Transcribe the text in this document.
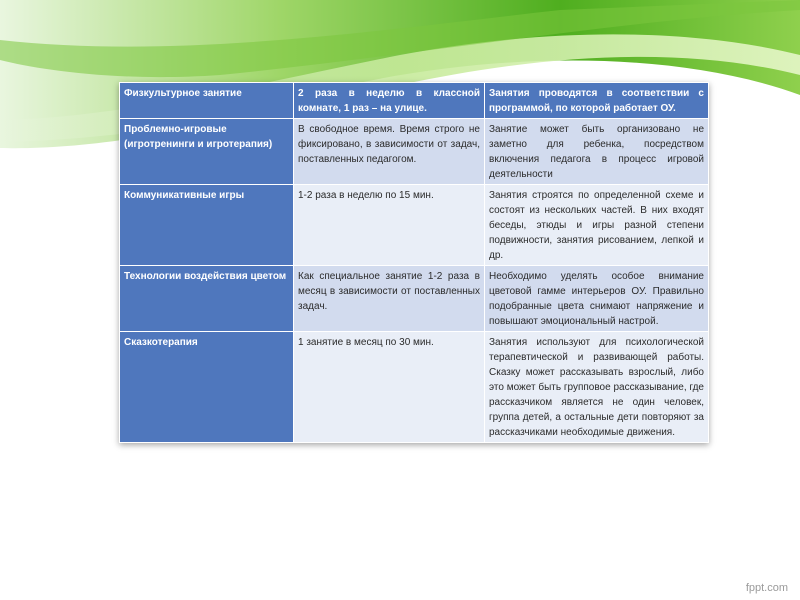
Физкультурное занятие	2 раза в неделю в классной комнате, 1 раз – на улице.	Занятия проводятся в соответствии с программой, по которой работает ОУ.

Проблемно-игровые (игротренинги и игротерапия)	В свободное время. Время строго не фиксировано, в зависимости от задач, поставленных педагогом.	Занятие может быть организовано не заметно для ребенка, посредством включения педагога в процесс игровой деятельности
Коммуникативные игры	1-2 раза в неделю по 15 мин.	Занятия строятся по определенной схеме и состоят из нескольких частей. В них входят беседы, этюды и игры разной степени подвижности, занятия рисованием, лепкой и др.
Технологии воздействия цветом	Как специальное занятие 1-2 раза в месяц в зависимости от поставленных задач.	Необходимо уделять особое внимание цветовой гамме интерьеров ОУ. Правильно подобранные цвета снимают напряжение и повышают эмоциональный настрой.
Сказкотерапия	1 занятие в месяц по 30 мин.	Занятия используют для психологической терапевтической и развивающей работы. Сказку может рассказывать взрослый, либо это может быть групповое рассказывание, где рассказчиком является не один человек, группа детей, а остальные дети повторяют за рассказчиками необходимые движения.
fppt.com
